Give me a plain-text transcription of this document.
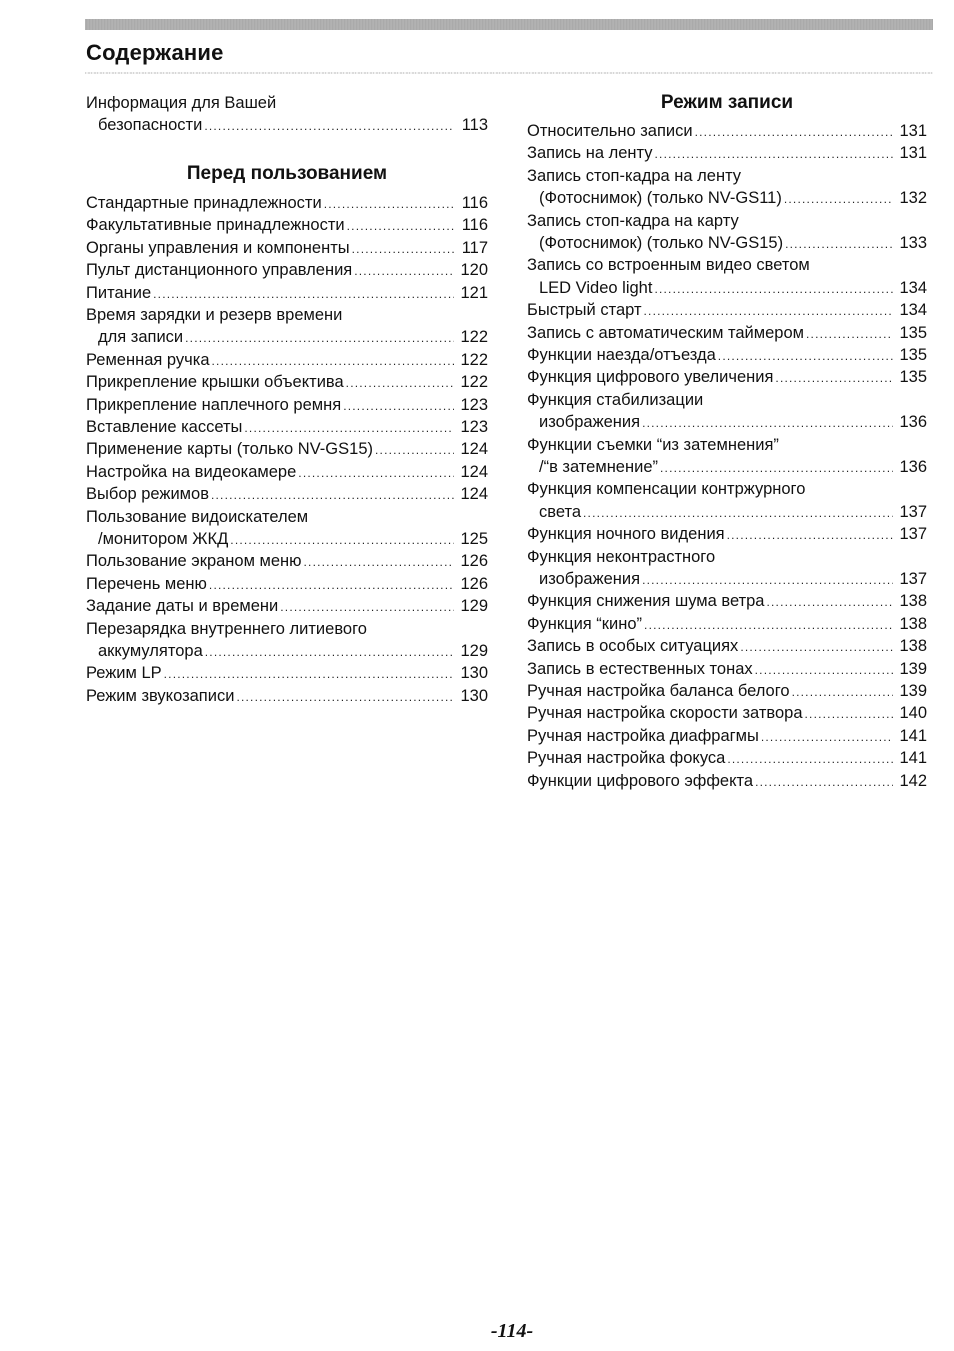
Содержание
Информация для Вашей
безопасности .....	113
Перед пользованием
Стандартные принадлежности .....	116
Факультативные принадлежности .....	116
Органы управления и компоненты .....	117
Пульт дистанционного управления .....	120
Питание .....	121
Время зарядки и резерв времени
для записи .....	122
Ременная ручка .....	122
Прикрепление крышки объектива .....	122
Прикрепление наплечного ремня .....	123
Вставление кассеты .....	123
Применение карты (только NV-GS15) .....	124
Настройка на видеокамере .....	124
Выбор режимов .....	124
Пользование видоискателем
/монитором ЖКД .....	125
Пользование экраном меню .....	126
Перечень меню .....	126
Задание даты и времени .....	129
Перезарядка внутреннего литиевого
аккумулятора .....	129
Режим LP .....	130
Режим звукозаписи .....	130
Режим записи
Относительно записи .....	131
Запись на ленту .....	131
Запись стоп-кадра на ленту
(Фотоснимок) (только NV-GS11) .....	132
Запись стоп-кадра на карту
(Фотоснимок) (только NV-GS15) .....	133
Запись со встроенным видео светом
LED Video light .....	134
Быстрый старт .....	134
Запись с автоматическим таймером .....	135
Функции наезда/отъезда .....	135
Функция цифрового увеличения .....	135
Функция стабилизации
изображения .....	136
Функции съемки “из затемнения”
/“в затемнение” .....	136
Функция компенсации контржурного
света .....	137
Функция ночного видения .....	137
Функция неконтрастного
изображения .....	137
Функция снижения шума ветра .....	138
Функция “кино” .....	138
Запись в особых ситуациях .....	138
Запись в естественных тонах .....	139
Ручная настройка баланса белого .....	139
Ручная настройка скорости затвора .....	140
Ручная настройка диафрагмы .....	141
Ручная настройка фокуса .....	141
Функции цифрового эффекта .....	142
-114-
